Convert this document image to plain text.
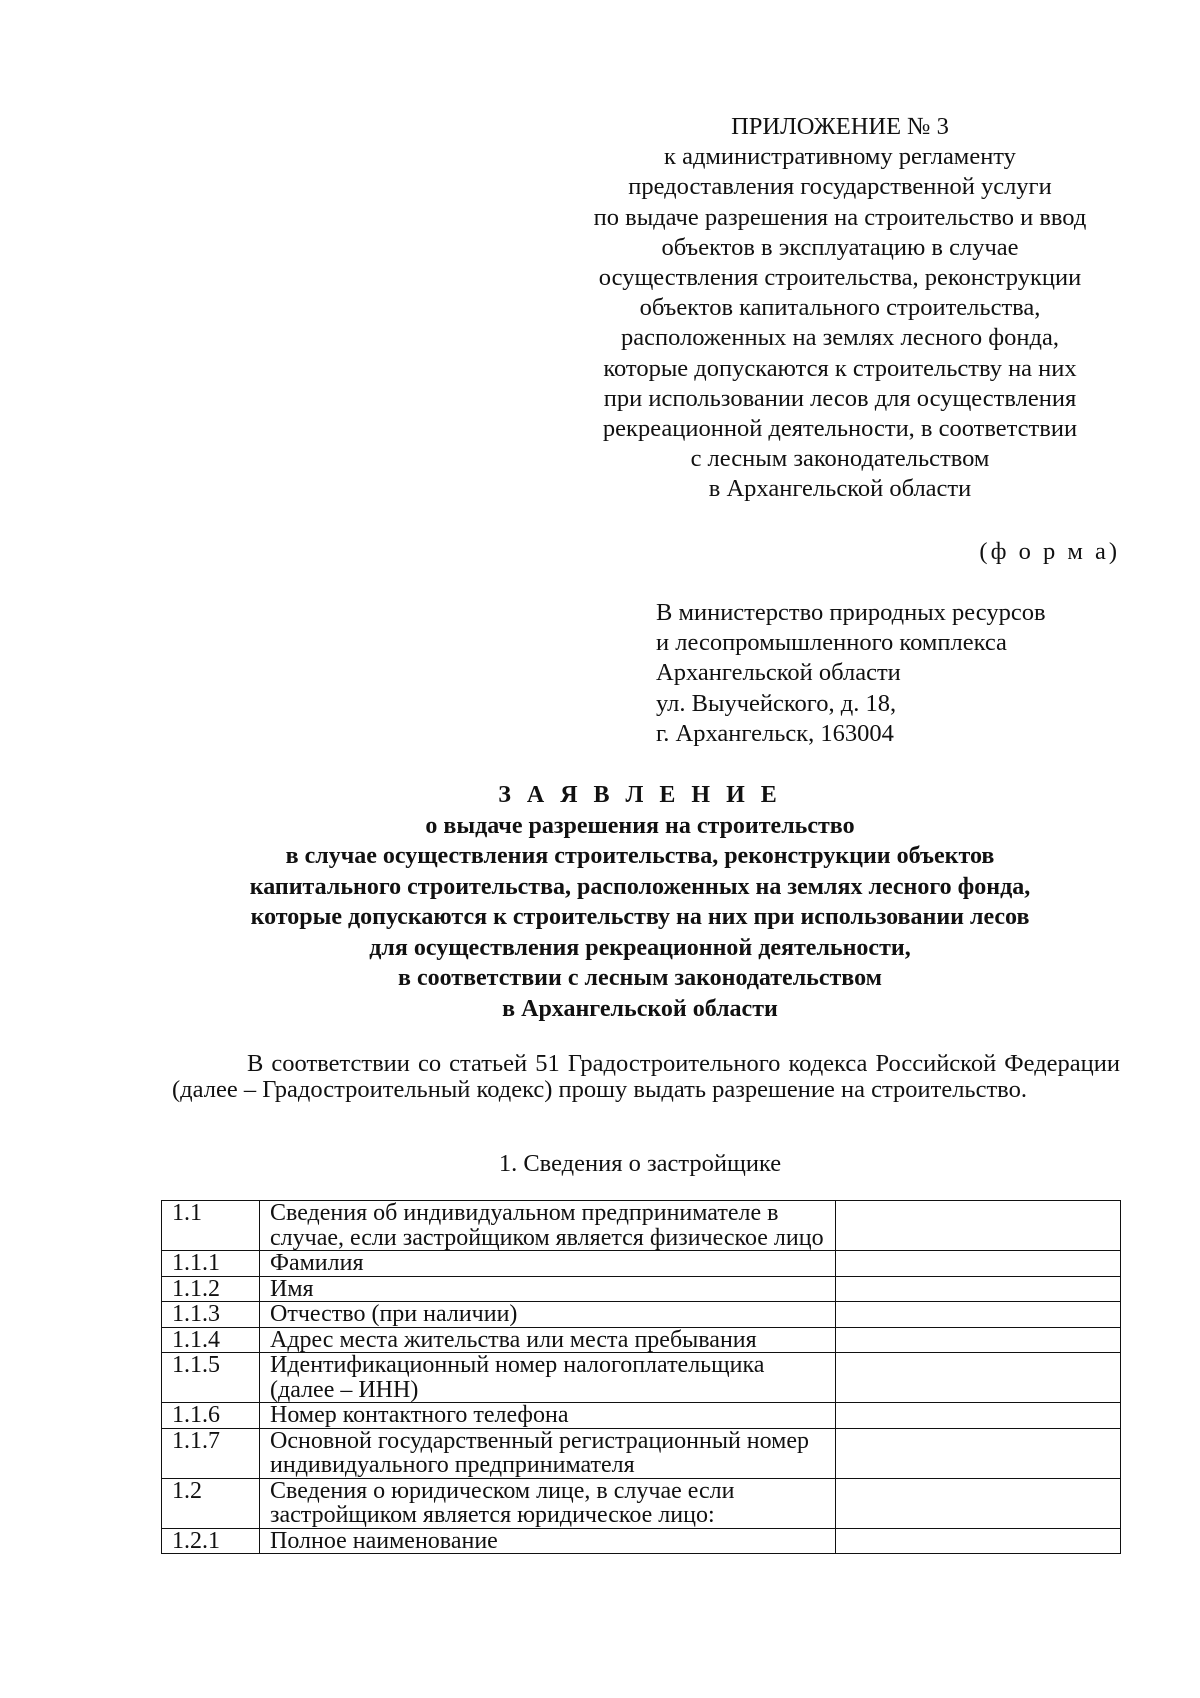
ПРИЛОЖЕНИЕ № 3
к административному регламенту
предоставления государственной услуги
по выдаче разрешения на строительство и ввод
объектов в эксплуатацию в случае
осуществления строительства, реконструкции
объектов капитального строительства,
расположенных на землях лесного фонда,
которые допускаются к строительству на них
при использовании лесов для осуществления
рекреационной деятельности, в соответствии
с лесным законодательством
в Архангельской области
(ф о р м а)
В министерство природных ресурсов
и лесопромышленного комплекса
Архангельской области
ул. Выучейского, д. 18,
г. Архангельск, 163004
З А Я В Л Е Н И Е
о выдаче разрешения на строительство
в случае осуществления строительства, реконструкции объектов
капитального строительства, расположенных на землях лесного фонда,
которые допускаются к строительству на них при использовании лесов
для осуществления рекреационной деятельности,
в соответствии с лесным законодательством
в Архангельской области
В соответствии со статьей 51 Градостроительного кодекса Российской Федерации (далее – Градостроительный кодекс) прошу выдать разрешение на строительство.
1. Сведения о застройщике
1.1	Сведения об индивидуальном предпринимателе в случае, если застройщиком является физическое лицо	
1.1.1	Фамилия	
1.1.2	Имя	
1.1.3	Отчество (при наличии)	
1.1.4	Адрес места жительства или места пребывания	
1.1.5	Идентификационный номер налогоплательщика (далее – ИНН)	
1.1.6	Номер контактного телефона	
1.1.7	Основной государственный регистрационный номер индивидуального предпринимателя	
1.2	Сведения о юридическом лице, в случае если застройщиком является юридическое лицо:	
1.2.1	Полное наименование	
